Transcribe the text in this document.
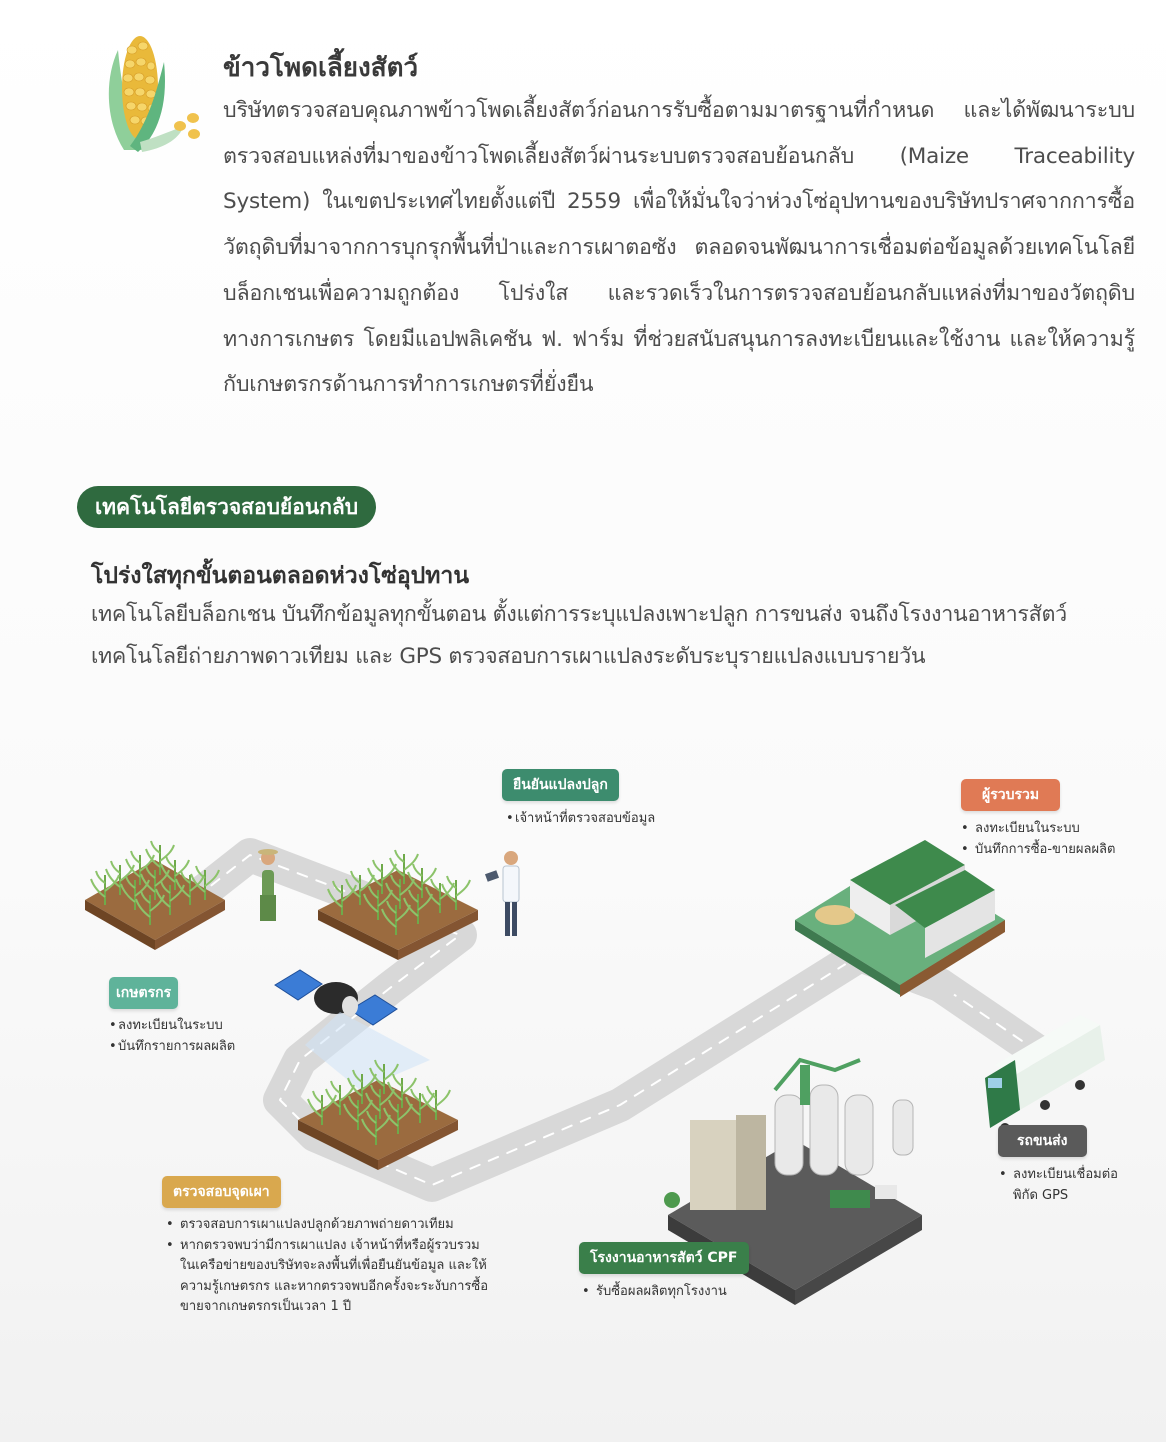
ข้าวโพดเลี้ยงสัตว์

บริษัทตรวจสอบคุณภาพข้าวโพดเลี้ยงสัตว์ก่อนการรับซื้อตามมาตรฐานที่กำหนด และได้พัฒนาระบบตรวจสอบแหล่งที่มาของข้าวโพดเลี้ยงสัตว์ผ่านระบบตรวจสอบย้อนกลับ (Maize Traceability System) ในเขตประเทศไทยตั้งแต่ปี 2559 เพื่อให้มั่นใจว่าห่วงโซ่อุปทานของบริษัทปราศจากการซื้อวัตถุดิบที่มาจากการบุกรุกพื้นที่ป่าและการเผาตอซัง ตลอดจนพัฒนาการเชื่อมต่อข้อมูลด้วยเทคโนโลยีบล็อกเชนเพื่อความถูกต้อง โปร่งใส และรวดเร็วในการตรวจสอบย้อนกลับแหล่งที่มาของวัตถุดิบทางการเกษตร โดยมีแอปพลิเคชัน ฟ. ฟาร์ม ที่ช่วยสนับสนุนการลงทะเบียนและใช้งาน และให้ความรู้กับเกษตรกรด้านการทำการเกษตรที่ยั่งยืน

เทคโนโลยีตรวจสอบย้อนกลับ
โปร่งใสทุกขั้นตอนตลอดห่วงโซ่อุปทาน

เทคโนโลยีบล็อกเชน บันทึกข้อมูลทุกขั้นตอน ตั้งแต่การระบุแปลงเพาะปลูก การขนส่ง จนถึงโรงงานอาหารสัตว์เทคโนโลยีถ่ายภาพดาวเทียม และ GPS ตรวจสอบการเผาแปลงระดับระบุรายแปลงแบบรายวัน

ยืนยันแปลงปลูก
• เจ้าหน้าที่ตรวจสอบข้อมูล
ผู้รวบรวม
• ลงทะเบียนในระบบ
• บันทึกการซื้อ-ขายผลผลิต
เกษตรกร
• ลงทะเบียนในระบบ
• บันทึกรายการผลผลิต
รถขนส่ง
• ลงทะเบียนเชื่อมต่อพิกัด GPS
ตรวจสอบจุดเผา
• ตรวจสอบการเผาแปลงปลูกด้วยภาพถ่ายดาวเทียม
• หากตรวจพบว่ามีการเผาแปลง เจ้าหน้าที่หรือผู้รวบรวมในเครือข่ายของบริษัทจะลงพื้นที่เพื่อยืนยันข้อมูล และให้ความรู้เกษตรกร และหากตรวจพบอีกครั้งจะระงับการซื้อขายจากเกษตรกรเป็นเวลา 1 ปี
โรงงานอาหารสัตว์ CPF
• รับซื้อผลผลิตทุกโรงงาน
